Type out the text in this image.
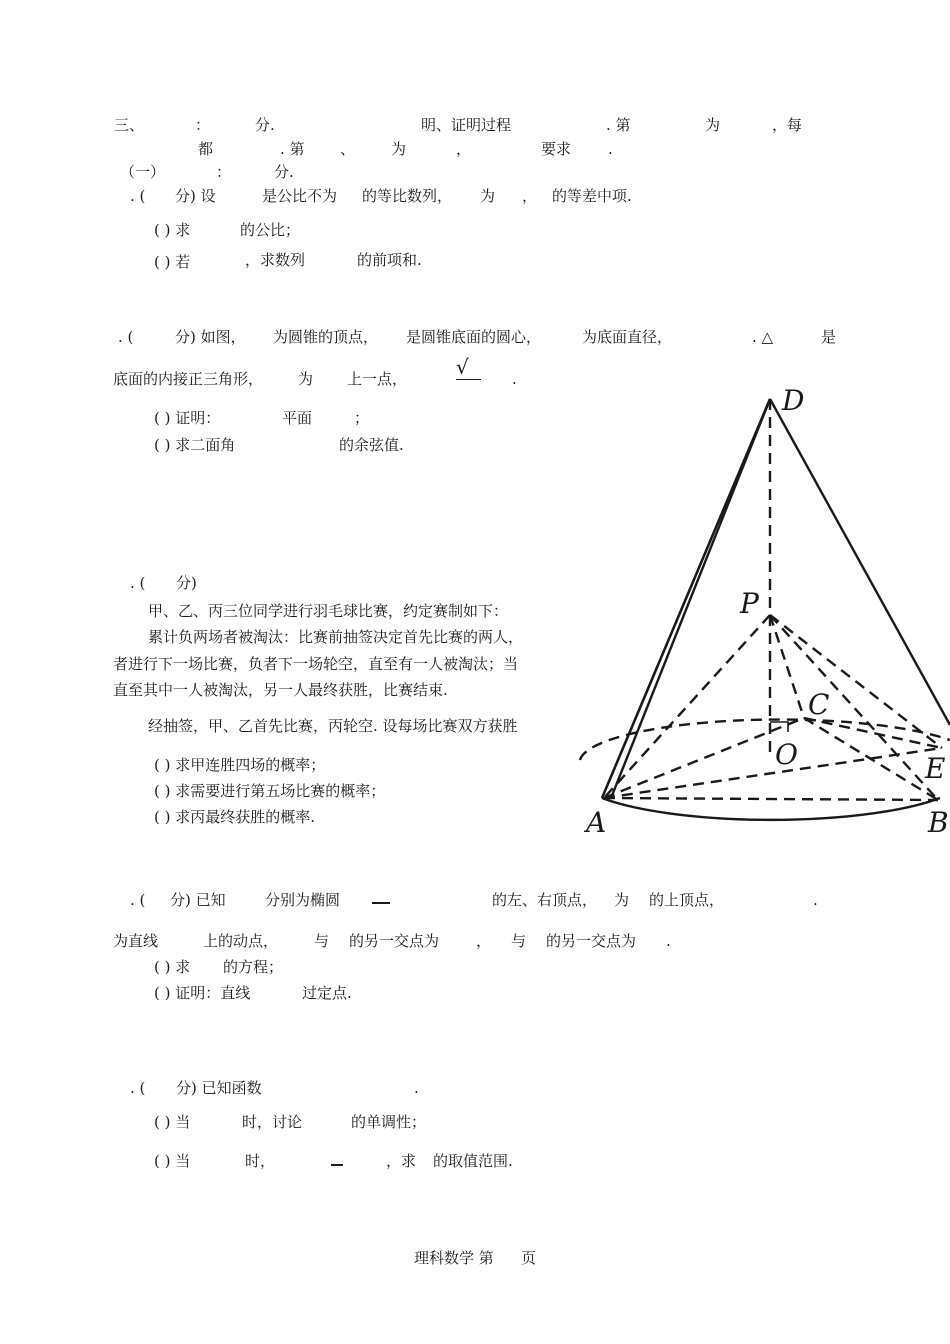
三、	：	分.	明、证明过程	. 第	为	，每
都	. 第 、 为	，	要求 .
（一）	：	分.
. ( 分) 设	是公比不为 的等比数列， 为 ， 的等差中项.
( ) 求	的公比；
( ) 若	，求数列	的前项和.
. (	分) 如图， 为圆锥的顶点， 是圆锥底面的圆心，	为底面直径，	. △	是
底面的内接正三角形， 为 上一点， √	.
( ) 证明：	平面	；
( ) 求二面角	的余弦值.
D
P
C
O	E
A	B
. ( 分)
甲、乙、丙三位同学进行羽毛球比赛，约定赛制如下：
累计负两场者被淘汰：比赛前抽签决定首先比赛的两人，
者进行下一场比赛，负者下一场轮空，直至有一人被淘汰；当
直至其中一人被淘汰，另一人最终获胜，比赛结束.
经抽签，甲、乙首先比赛，丙轮空. 设每场比赛双方获胜
( ) 求甲连胜四场的概率；
( ) 求需要进行第五场比赛的概率；
( ) 求丙最终获胜的概率.
. ( 分) 已知	分别为椭圆	的左、右顶点， 为 的上顶点，	.
为直线	上的动点， 与 的另一交点为 ， 与 的另一交点为 .
( ) 求 的方程；
( ) 证明：直线	过定点.
. ( 分) 已知函数	.
( ) 当	时，讨论	的单调性；
( ) 当	时，	，求 的取值范围.
理科数学 第 页
